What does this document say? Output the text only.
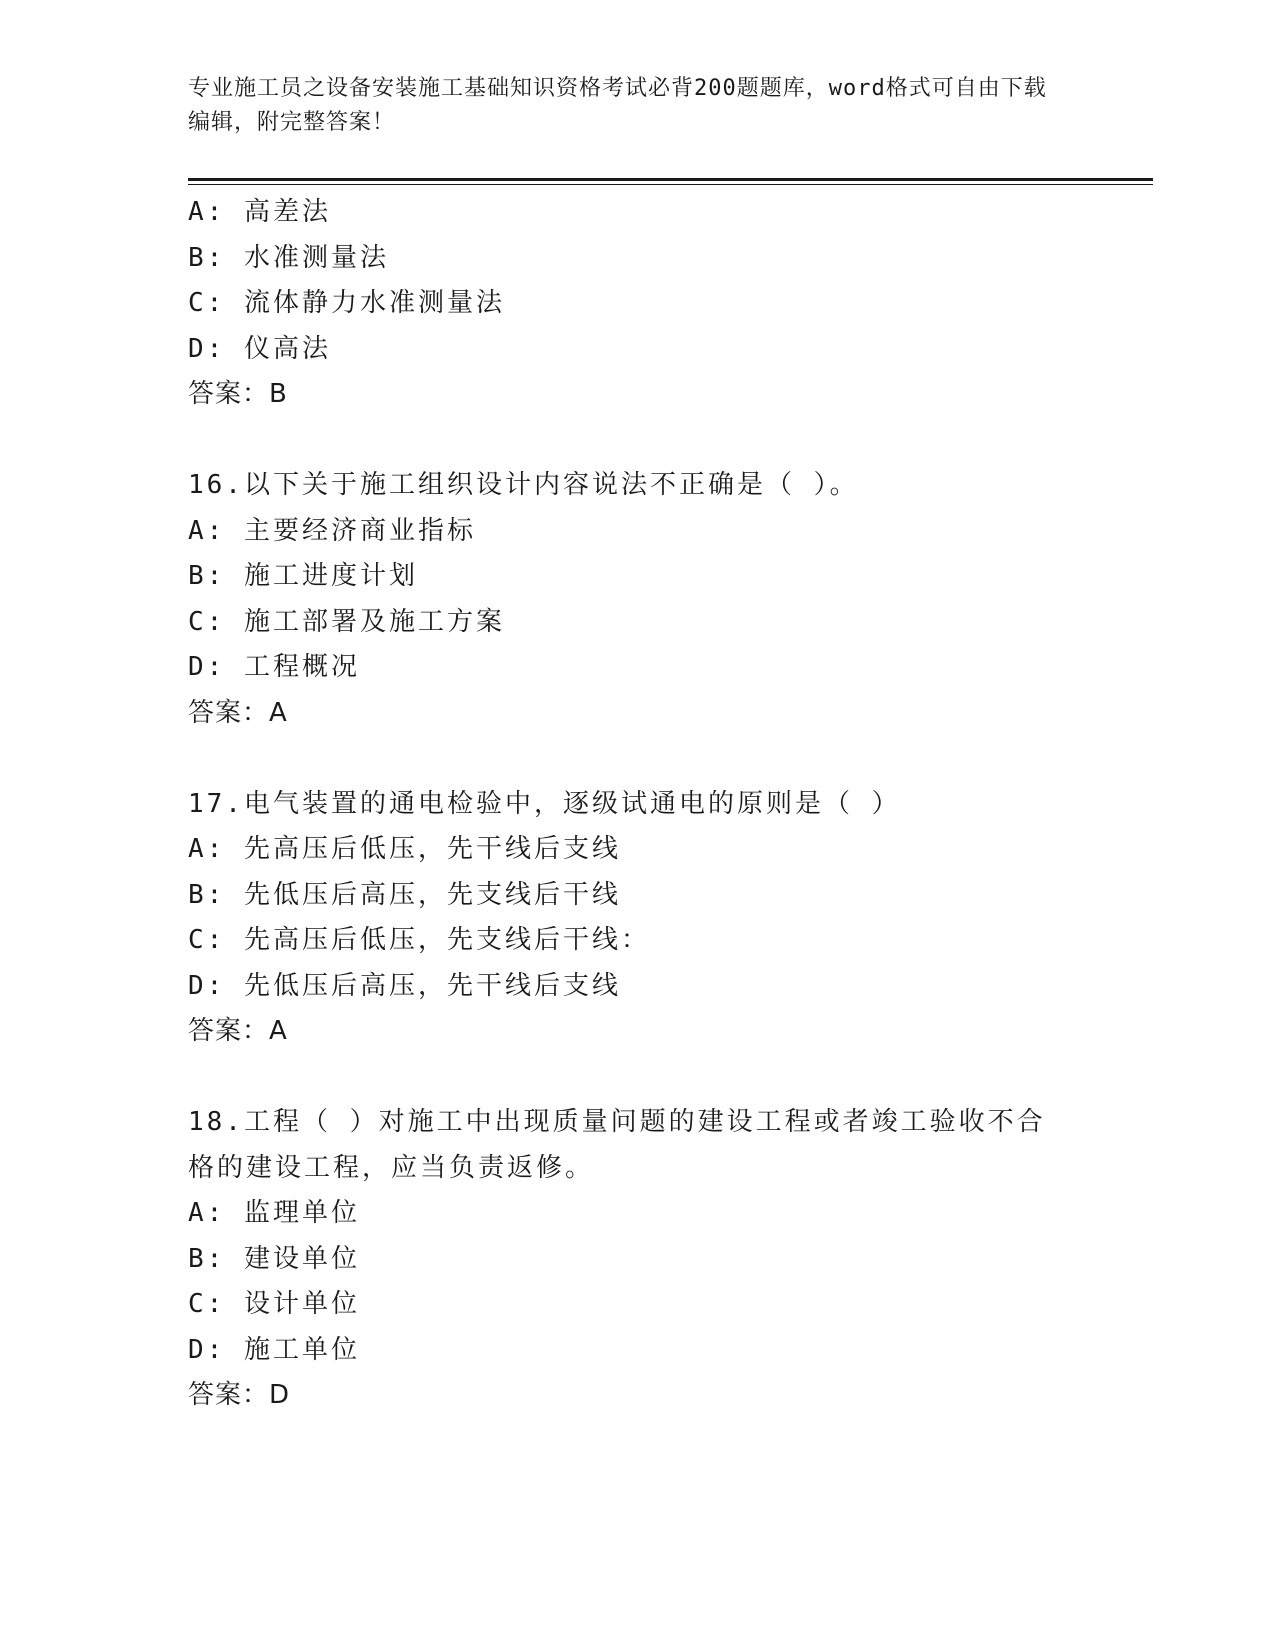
专业施工员之设备安装施工基础知识资格考试必背200题题库，word格式可自由下载编辑，附完整答案！
A: 高差法
B: 水准测量法
C: 流体静力水准测量法
D: 仪高法
答案：B
16.以下关于施工组织设计内容说法不正确是（ ）。
A: 主要经济商业指标
B: 施工进度计划
C: 施工部署及施工方案
D: 工程概况
答案：A
17.电气装置的通电检验中，逐级试通电的原则是（ ）
A: 先高压后低压，先干线后支线
B: 先低压后高压，先支线后干线
C: 先高压后低压，先支线后干线：
D: 先低压后高压，先干线后支线
答案：A
18.工程（ ）对施工中出现质量问题的建设工程或者竣工验收不合格的建设工程，应当负责返修。
A: 监理单位
B: 建设单位
C: 设计单位
D: 施工单位
答案：D
